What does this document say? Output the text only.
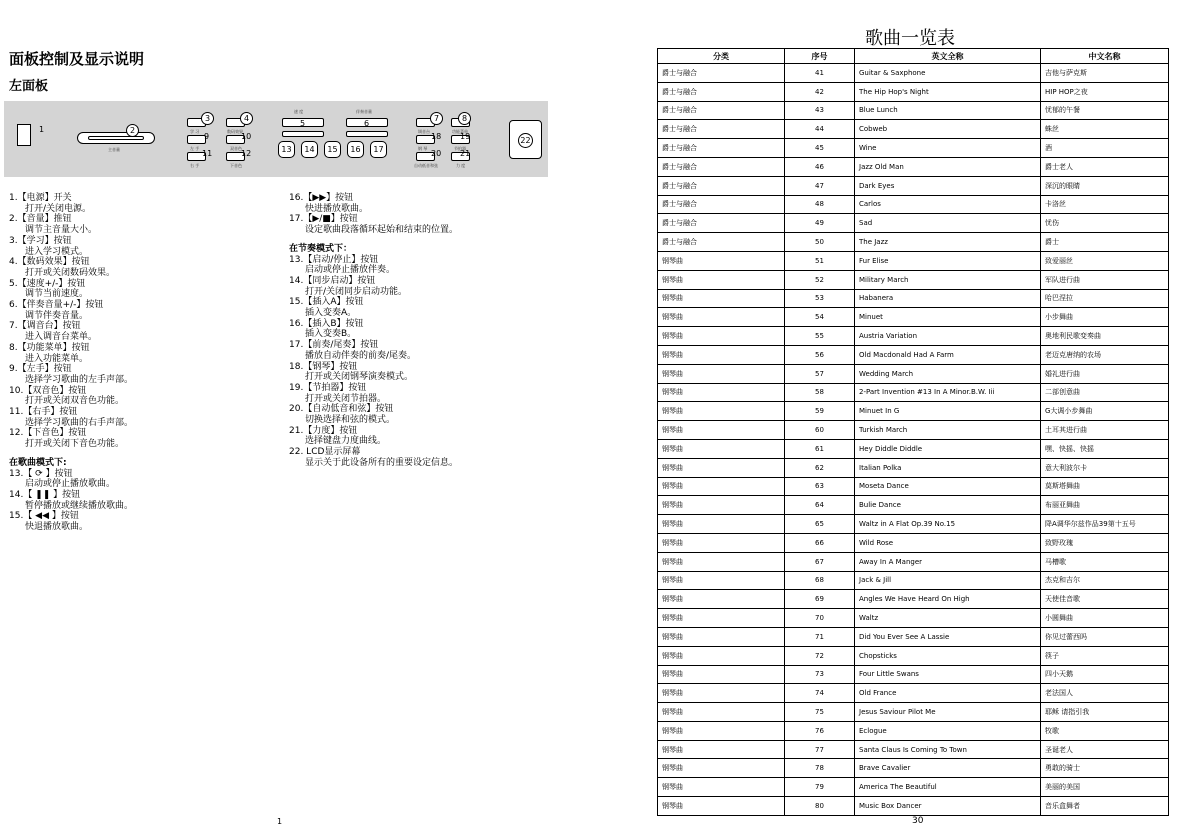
面板控制及显示说明
左面板
1	2
主音量
3
学 习
9
左 手
11
右 手
4
数码效果
10
双音色
12
下音色
速 度
5
伴奏音量
6
13	14	15	16	17
7
调音台
18
钢 琴
20
自动低音和弦
8
功能菜单
19
节拍器
21
力 度
22
1.【电源】开关
打开/关闭电源。
2.【音量】推钮
调节主音量大小。
3.【学习】按钮
进入学习模式。
4.【数码效果】按钮
打开或关闭数码效果。
5.【速度+/-】按钮
调节当前速度。
6.【伴奏音量+/-】按钮
调节伴奏音量。
7.【调音台】按钮
进入调音台菜单。
8.【功能菜单】按钮
进入功能菜单。
9.【左手】按钮
选择学习歌曲的左手声部。
10.【双音色】按钮
打开或关闭双音色功能。
11.【右手】按钮
选择学习歌曲的右手声部。
12.【下音色】按钮
打开或关闭下音色功能。
在歌曲模式下:
13.【 ⟳ 】按钮
启动或停止播放歌曲。
14.【 ❚❚ 】按钮
暂停播放或继续播放歌曲。
15.【 ◀◀ 】按钮
快退播放歌曲。
16.【▶▶】按钮
快进播放歌曲。
17.【▶/■】按钮
设定歌曲段落循环起始和结束的位置。
在节奏模式下：
13.【启动/停止】按钮
启动或停止播放伴奏。
14.【同步启动】按钮
打开/关闭同步启动功能。
15.【插入A】按钮
插入变奏A。
16.【插入B】按钮
插入变奏B。
17.【前奏/尾奏】按钮
播放自动伴奏的前奏/尾奏。
18.【钢琴】按钮
打开或关闭钢琴演奏模式。
19.【节拍器】按钮
打开或关闭节拍器。
20.【自动低音和弦】按钮
切换选择和弦的模式。
21.【力度】按钮
选择键盘力度曲线。
22. LCD显示屏幕
显示关于此设备所有的重要设定信息。
1
歌曲一览表
分类	序号	英文全称	中文名称
爵士与融合	41	Guitar & Saxphone	吉他与萨克斯
爵士与融合	42	The Hip Hop's Night	HIP HOP之夜
爵士与融合	43	Blue Lunch	忧郁的午餐
爵士与融合	44	Cobweb	蛛丝
爵士与融合	45	Wine	酒
爵士与融合	46	Jazz Old Man	爵士老人
爵士与融合	47	Dark Eyes	深沉的眼睛
爵士与融合	48	Carlos	卡洛丝
爵士与融合	49	Sad	忧伤
爵士与融合	50	The Jazz	爵士
钢琴曲	51	Fur Elise	致爱丽丝
钢琴曲	52	Military March	军队进行曲
钢琴曲	53	Habanera	哈巴涅拉
钢琴曲	54	Minuet	小步舞曲
钢琴曲	55	Austria Variation	奥地利民歌变奏曲
钢琴曲	56	Old Macdonald Had A Farm	老迈克唐纳的农场
钢琴曲	57	Wedding March	婚礼进行曲
钢琴曲	58	2-Part Invention #13 In A Minor.B.W. Iii	二部创意曲
钢琴曲	59	Minuet In G	G大调小步舞曲
钢琴曲	60	Turkish March	土耳其进行曲
钢琴曲	61	Hey Diddle Diddle	嘿、快摇、快摇
钢琴曲	62	Italian Polka	意大利波尔卡
钢琴曲	63	Moseta Dance	莫斯塔舞曲
钢琴曲	64	Bulie Dance	布丽亚舞曲
钢琴曲	65	Waltz in A Flat Op.39 No.15	降A调华尔兹作品39第十五号
钢琴曲	66	Wild Rose	致野玫瑰
钢琴曲	67	Away In A Manger	马槽歌
钢琴曲	68	Jack & Jill	杰克和吉尔
钢琴曲	69	Angles We Have Heard On High	天使佳音歌
钢琴曲	70	Waltz	小圆舞曲
钢琴曲	71	Did You Ever See A Lassie	你见过蕾西吗
钢琴曲	72	Chopsticks	筷子
钢琴曲	73	Four Little Swans	四小天鹅
钢琴曲	74	Old France	老法国人
钢琴曲	75	Jesus Saviour Pilot Me	耶稣 请指引我
钢琴曲	76	Eclogue	牧歌
钢琴曲	77	Santa Claus Is Coming To Town	圣诞老人
钢琴曲	78	Brave Cavalier	勇敢的骑士
钢琴曲	79	America The Beautiful	美丽的美国
钢琴曲	80	Music Box Dancer	音乐盒舞者
30
